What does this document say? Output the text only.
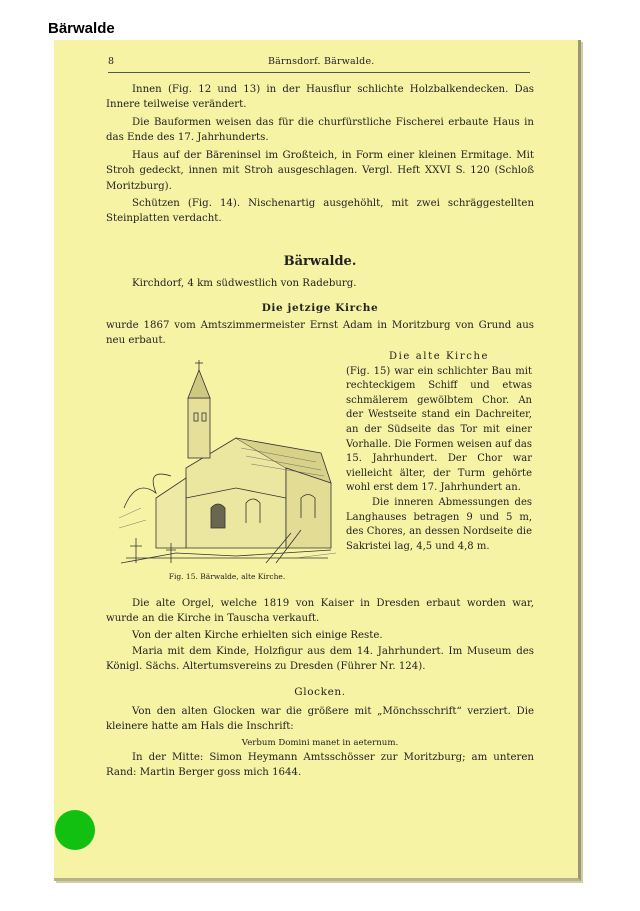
Bärwalde
8	Bärnsdorf. Bärwalde.
Innen (Fig. 12 und 13) in der Hausflur schlichte Holzbalkendecken. Das Innere teilweise verändert.
Die Bauformen weisen das für die churfürstliche Fischerei erbaute Haus in das Ende des 17. Jahrhunderts.
Haus auf der Bäreninsel im Großteich, in Form einer kleinen Ermitage. Mit Stroh gedeckt, innen mit Stroh ausgeschlagen. Vergl. Heft XXVI S. 120 (Schloß Moritzburg).
Schützen (Fig. 14). Nischenartig ausgehöhlt, mit zwei schräggestellten Steinplatten verdacht.
Bärwalde.
Kirchdorf, 4 km südwestlich von Radeburg.
Die jetzige Kirche
wurde 1867 vom Amtszimmermeister Ernst Adam in Moritzburg von Grund aus neu erbaut.
Die alte Kirche
(Fig. 15) war ein schlichter Bau mit rechteckigem Schiff und etwas schmälerem gewölbtem Chor. An der Westseite stand ein Dachreiter, an der Südseite das Tor mit einer Vorhalle. Die Formen weisen auf das 15. Jahrhundert. Der Chor war vielleicht älter, der Turm gehörte wohl erst dem 17. Jahrhundert an.
Die inneren Abmessungen des Langhauses betragen 9 und 5 m, des Chores, an dessen Nordseite die Sakristei lag, 4,5 und 4,8 m.
Fig. 15. Bärwalde, alte Kirche.
Die alte Orgel, welche 1819 von Kaiser in Dresden erbaut worden war, wurde an die Kirche in Tauscha verkauft.
Von der alten Kirche erhielten sich einige Reste.
Maria mit dem Kinde, Holzfigur aus dem 14. Jahrhundert. Im Museum des Königl. Sächs. Altertumsvereins zu Dresden (Führer Nr. 124).
Glocken.
Von den alten Glocken war die größere mit „Mönchsschrift“ verziert. Die kleinere hatte am Hals die Inschrift:
Verbum Domini manet in aeternum.
In der Mitte: Simon Heymann Amtsschösser zur Moritzburg; am unteren Rand: Martin Berger goss mich 1644.
